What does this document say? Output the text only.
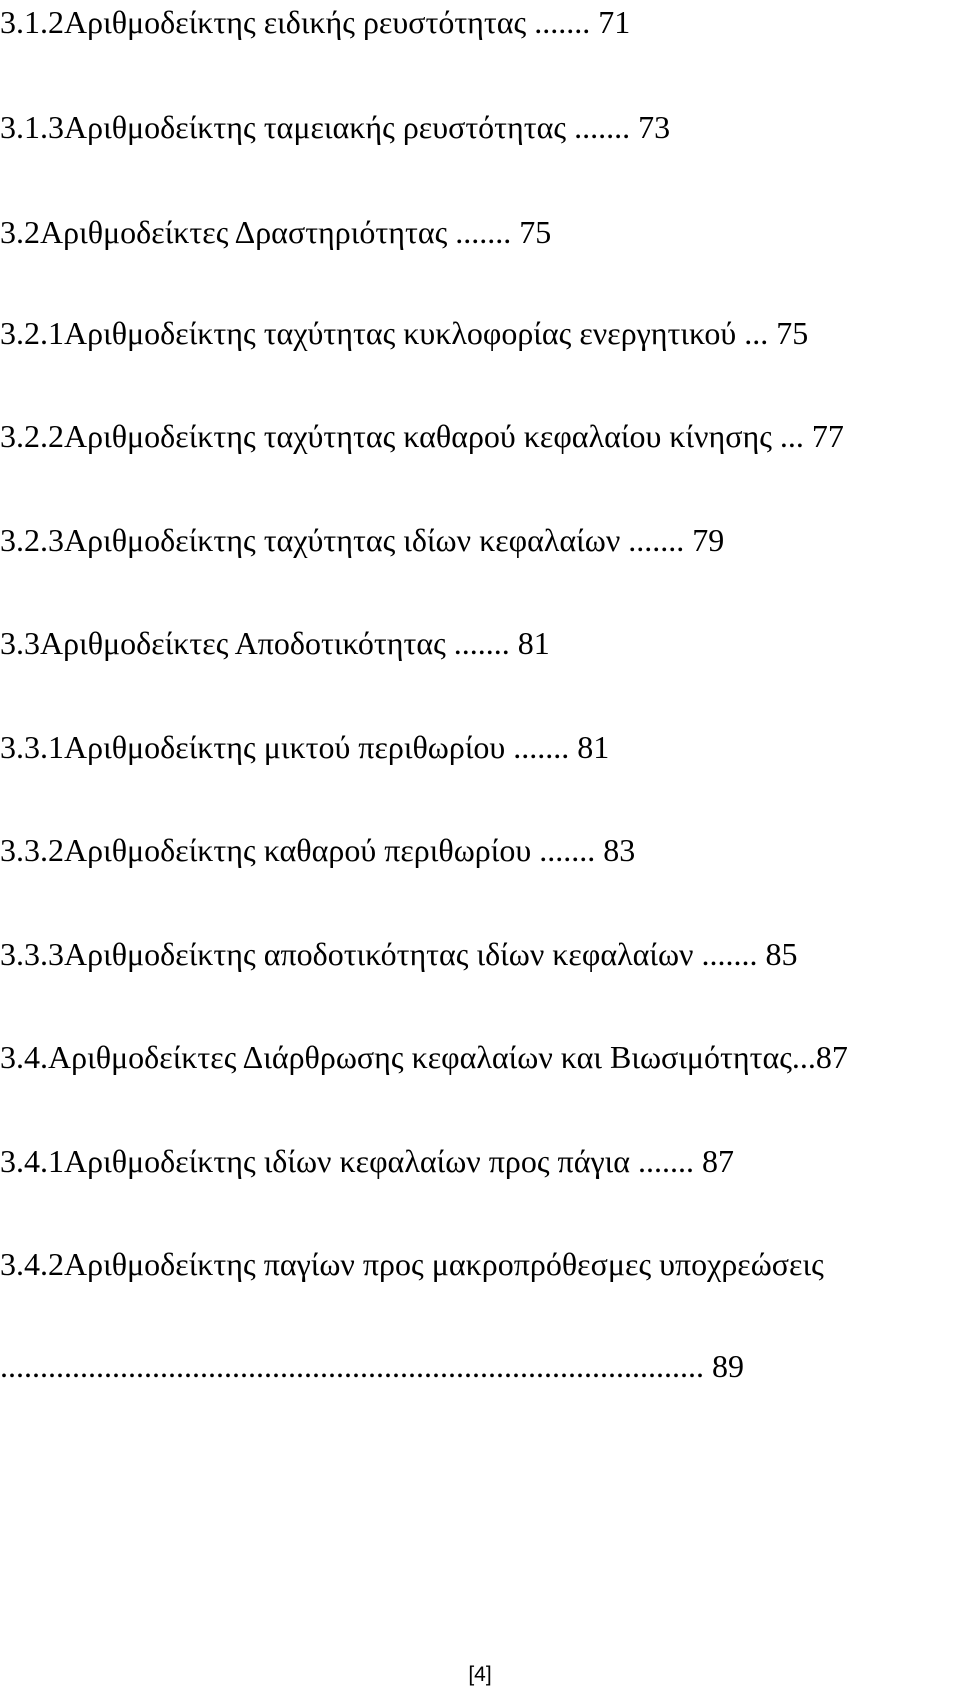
3.1.2Αριθμοδείκτης ειδικής ρευστότητας ....... 71

3.1.3Αριθμοδείκτης ταμειακής ρευστότητας ....... 73

3.2Αριθμοδείκτες Δραστηριότητας ....... 75

3.2.1Αριθμοδείκτης ταχύτητας κυκλοφορίας ενεργητικού ... 75

3.2.2Αριθμοδείκτης ταχύτητας καθαρού κεφαλαίου κίνησης ... 77

3.2.3Αριθμοδείκτης ταχύτητας ιδίων κεφαλαίων ....... 79

3.3Αριθμοδείκτες Αποδοτικότητας ....... 81

3.3.1Αριθμοδείκτης μικτού περιθωρίου ....... 81

3.3.2Αριθμοδείκτης καθαρού περιθωρίου ....... 83

3.3.3Αριθμοδείκτης αποδοτικότητας ιδίων κεφαλαίων ....... 85

3.4.Αριθμοδείκτες Διάρθρωσης κεφαλαίων και Βιωσιμότητας...87

3.4.1Αριθμοδείκτης ιδίων κεφαλαίων προς πάγια ....... 87

3.4.2Αριθμοδείκτης παγίων προς μακροπρόθεσμες υποχρεώσεις

........................................................................................ 89

[4]
